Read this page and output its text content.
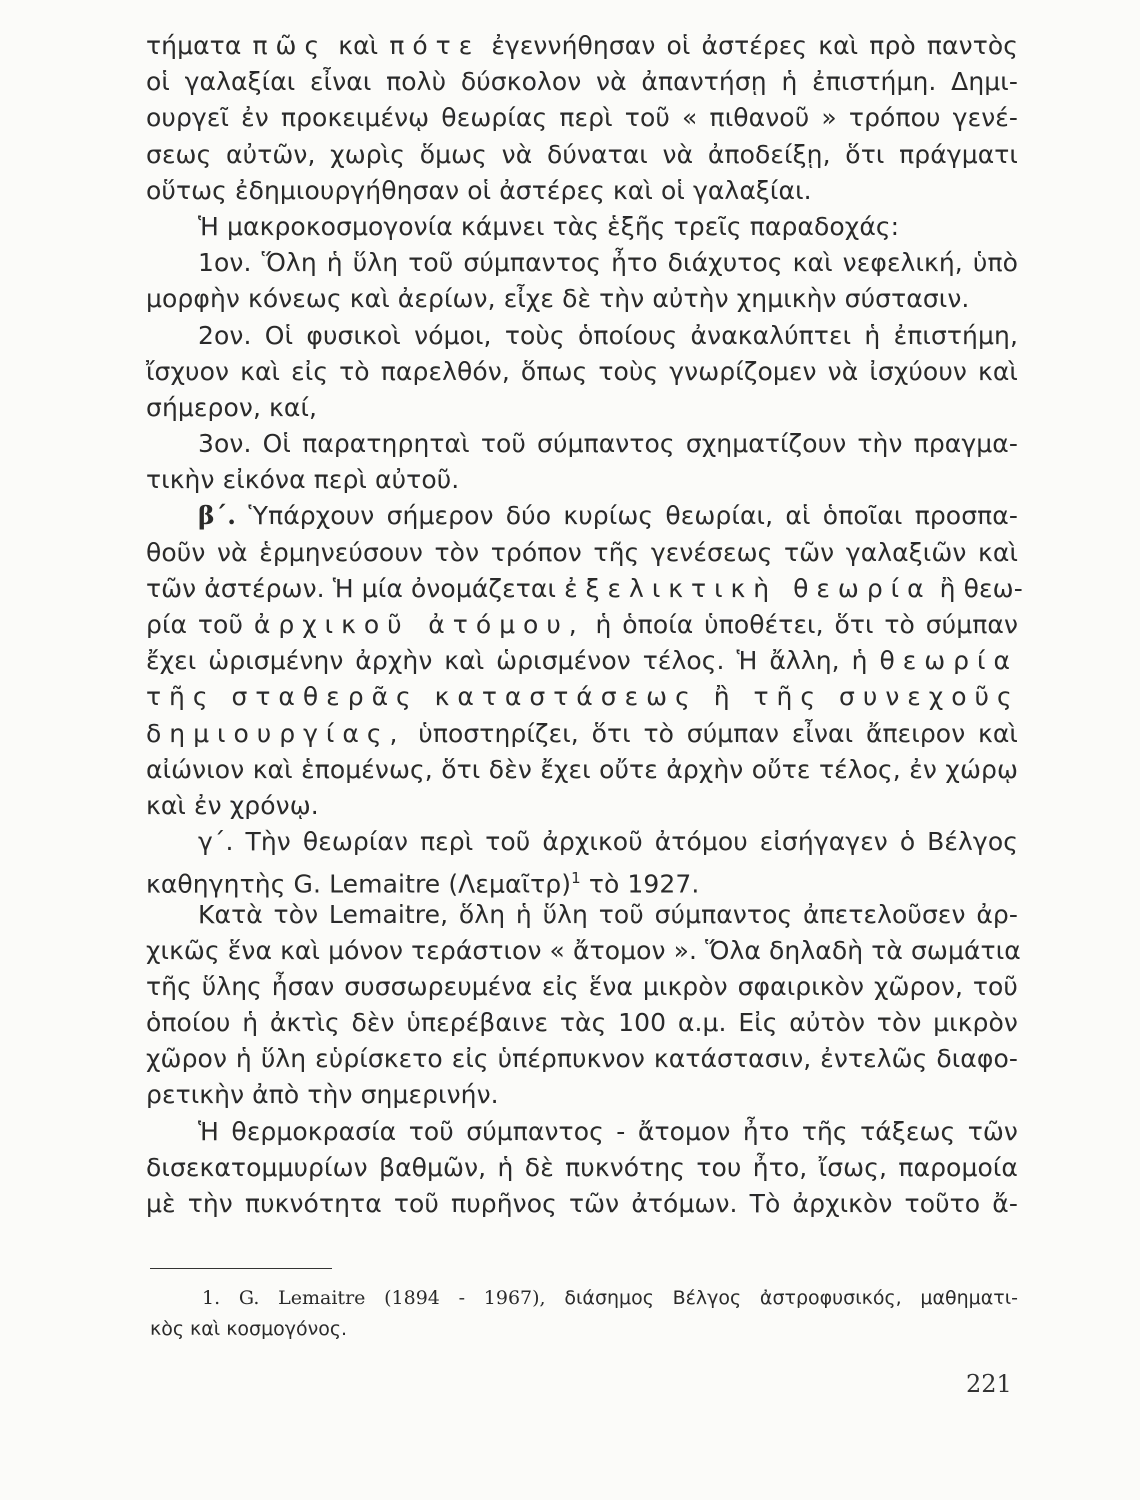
τήματα πῶς καὶ πότε ἐγεννήθησαν οἱ ἀστέρες καὶ πρὸ παντὸς
οἱ γαλαξίαι εἶναι πολὺ δύσκολον νὰ ἀπαντήσῃ ἡ ἐπιστήμη. Δημι-
ουργεῖ ἐν προκειμένῳ θεωρίας περὶ τοῦ « πιθανοῦ » τρόπου γενέ-
σεως αὐτῶν, χωρὶς ὅμως νὰ δύναται νὰ ἀποδείξῃ, ὅτι πράγματι
οὕτως ἐδημιουργήθησαν οἱ ἀστέρες καὶ οἱ γαλαξίαι.
Ἡ μακροκοσμογονία κάμνει τὰς ἑξῆς τρεῖς παραδοχάς:
1ον. Ὅλη ἡ ὕλη τοῦ σύμπαντος ἦτο διάχυτος καὶ νεφελική, ὑπὸ
μορφὴν κόνεως καὶ ἀερίων, εἶχε δὲ τὴν αὐτὴν χημικὴν σύστασιν.
2ον. Οἱ φυσικοὶ νόμοι, τοὺς ὁποίους ἀνακαλύπτει ἡ ἐπιστήμη,
ἴσχυον καὶ εἰς τὸ παρελθόν, ὅπως τοὺς γνωρίζομεν νὰ ἰσχύουν καὶ
σήμερον, καί,
3ον. Οἱ παρατηρηταὶ τοῦ σύμπαντος σχηματίζουν τὴν πραγμα-
τικὴν εἰκόνα περὶ αὐτοῦ.
β΄. Ὑπάρχουν σήμερον δύο κυρίως θεωρίαι, αἱ ὁποῖαι προσπα-
θοῦν νὰ ἑρμηνεύσουν τὸν τρόπον τῆς γενέσεως τῶν γαλαξιῶν καὶ
τῶν ἀστέρων. Ἡ μία ὀνομάζεται ἐξελικτικὴ θεωρία ἢ θεω-
ρία τοῦ ἀρχικοῦ ἀτόμου, ἡ ὁποία ὑποθέτει, ὅτι τὸ σύμπαν
ἔχει ὡρισμένην ἀρχὴν καὶ ὡρισμένον τέλος. Ἡ ἄλλη, ἡ θεωρία
τῆς σταθερᾶς καταστάσεως ἢ τῆς συνεχοῦς
δημιουργίας, ὑποστηρίζει, ὅτι τὸ σύμπαν εἶναι ἄπειρον καὶ
αἰώνιον καὶ ἑπομένως, ὅτι δὲν ἔχει οὔτε ἀρχὴν οὔτε τέλος, ἐν χώρῳ
καὶ ἐν χρόνῳ.
γ΄. Τὴν θεωρίαν περὶ τοῦ ἀρχικοῦ ἀτόμου εἰσήγαγεν ὁ Βέλγος
καθηγητὴς G. Lemaitre (Λεμαῖτρ)$^1$ τὸ 1927.
Κατὰ τὸν Lemaitre, ὅλη ἡ ὕλη τοῦ σύμπαντος ἀπετελοῦσεν ἀρ-
χικῶς ἕνα καὶ μόνον τεράστιον « ἄτομον ». Ὅλα δηλαδὴ τὰ σωμάτια
τῆς ὕλης ἦσαν συσσωρευμένα εἰς ἕνα μικρὸν σφαιρικὸν χῶρον, τοῦ
ὁποίου ἡ ἀκτὶς δὲν ὑπερέβαινε τὰς 100 α.μ. Εἰς αὐτὸν τὸν μικρὸν
χῶρον ἡ ὕλη εὑρίσκετο εἰς ὑπέρπυκνον κατάστασιν, ἐντελῶς διαφο-
ρετικὴν ἀπὸ τὴν σημερινήν.
Ἡ θερμοκρασία τοῦ σύμπαντος - ἄτομον ἦτο τῆς τάξεως τῶν
δισεκατομμυρίων βαθμῶν, ἡ δὲ πυκνότης του ἦτο, ἴσως, παρομοία
μὲ τὴν πυκνότητα τοῦ πυρῆνος τῶν ἀτόμων. Τὸ ἀρχικὸν τοῦτο ἄ-
1. G. Lemaitre (1894 - 1967), διάσημος Βέλγος ἀστροφυσικός, μαθηματι-
κὸς καὶ κοσμογόνος.
221
